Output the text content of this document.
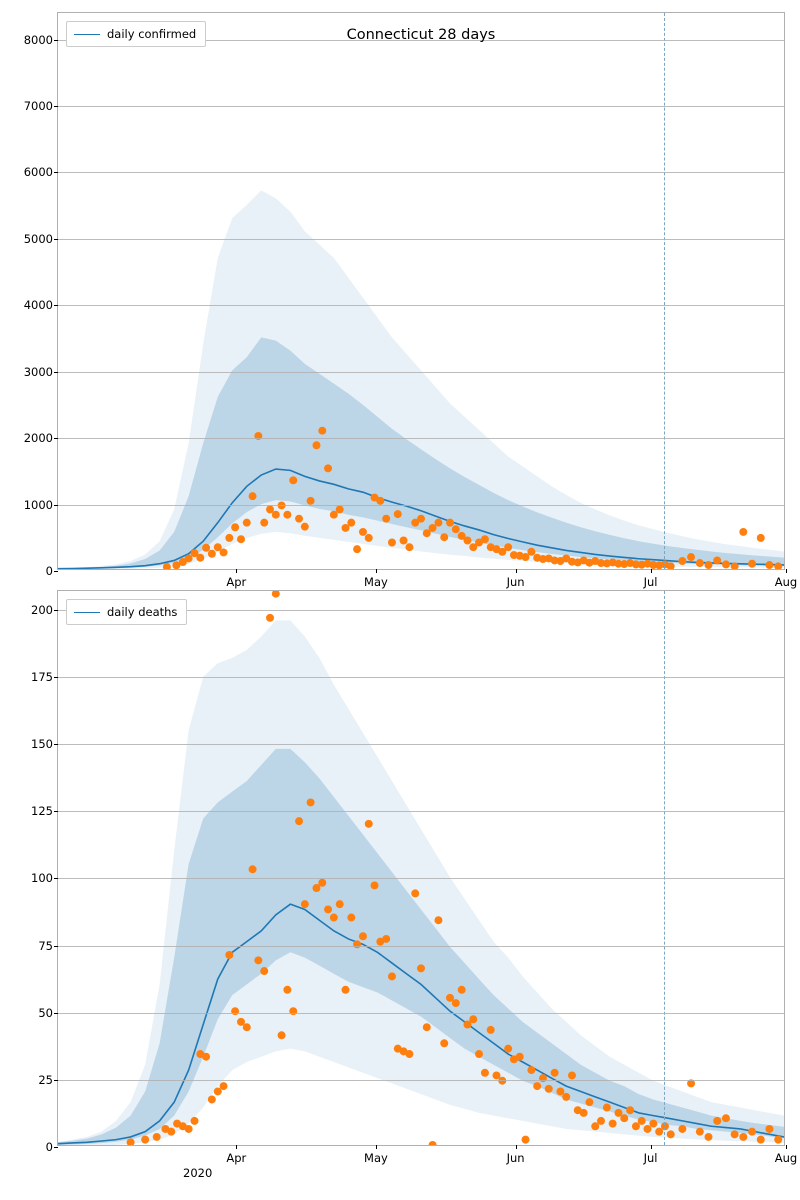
Connecticut 28 days
daily confirmed
0
1000
2000
3000
4000
5000
6000
7000
8000
Apr	May	Jun	Jul	Aug
daily deaths
2020
0
25
50
75
100
125
150
175
200
Apr	May	Jun	Jul	Aug
